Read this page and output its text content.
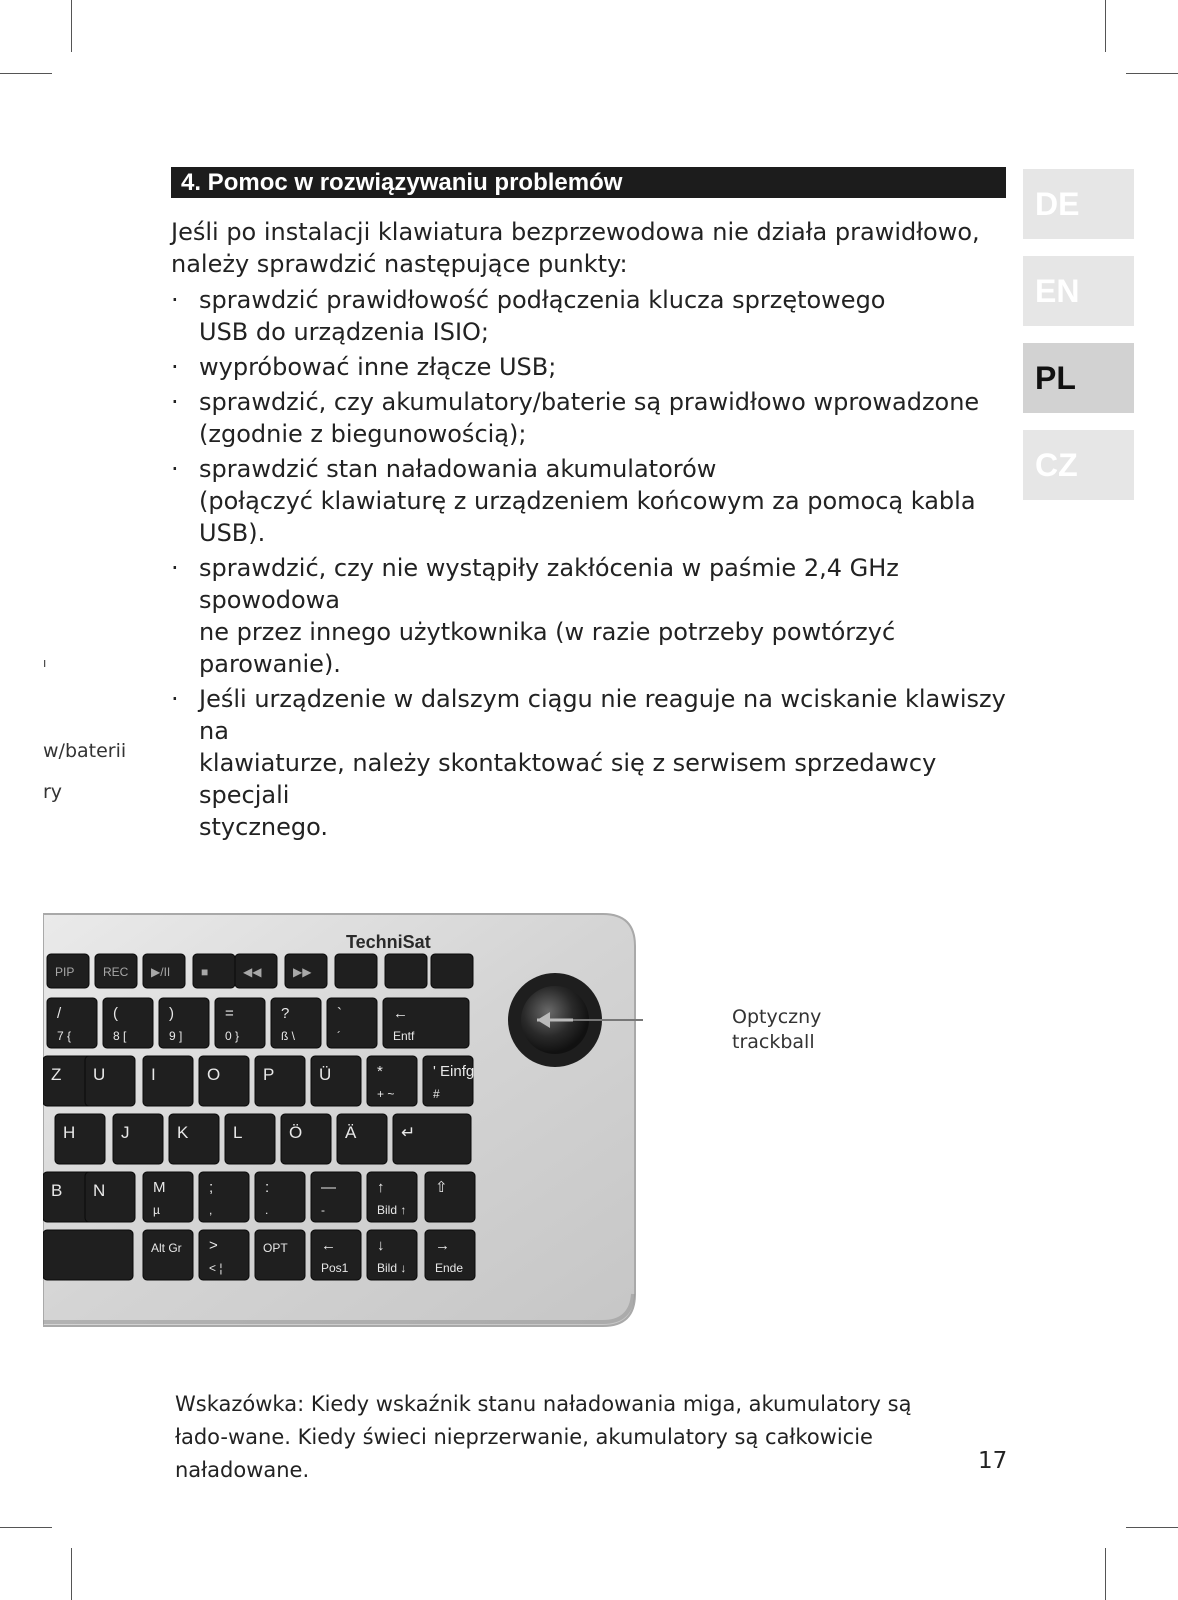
4. Pomoc w rozwiązywaniu problemów

Jeśli po instalacji klawiatura bezprzewodowa nie działa prawidłowo, należy sprawdzić następujące punkty:

· sprawdzić prawidłowość podłączenia klucza sprzętowego
USB do urządzenia ISIO;
· wypróbować inne złącze USB;
· sprawdzić, czy akumulatory/baterie są prawidłowo wprowadzone
(zgodnie z biegunowością);
· sprawdzić stan naładowania akumulatorów
(połączyć klawiaturę z urządzeniem końcowym za pomocą kabla USB).
· sprawdzić, czy nie wystąpiły zakłócenia w paśmie 2,4 GHz spowodowa
ne przez innego użytkownika (w razie potrzeby powtórzyć parowanie).
· Jeśli urządzenie w dalszym ciągu nie reaguje na wciskanie klawiszy na
klawiaturze, należy skontaktować się z serwisem sprzedawcy specjali
stycznego.
DE
EN
PL
CZ
ı
w/baterii
ry
TechniSat
PIP REC ▶/II	■	◀◀	▶▶
/
7 {
(
8 [
)
9 ]
=
0 }
?
ß \
`
´
←
Entf
Z U	I	O	P	Ü	*
+ ~
' Einfg
#
H	J	K	L	Ö	Ä	↵
B N	M
µ
;
,
:
.
—
-
↑
Bild ↑
⇧
Alt Gr >
< ¦
OPT ←
Pos1
↓
Bild ↓
→
Ende
Optyczny
trackball
Wskazówka: Kiedy wskaźnik stanu naładowania miga, akumulatory są łado-wane. Kiedy świeci nieprzerwanie, akumulatory są całkowicie naładowane.	17
